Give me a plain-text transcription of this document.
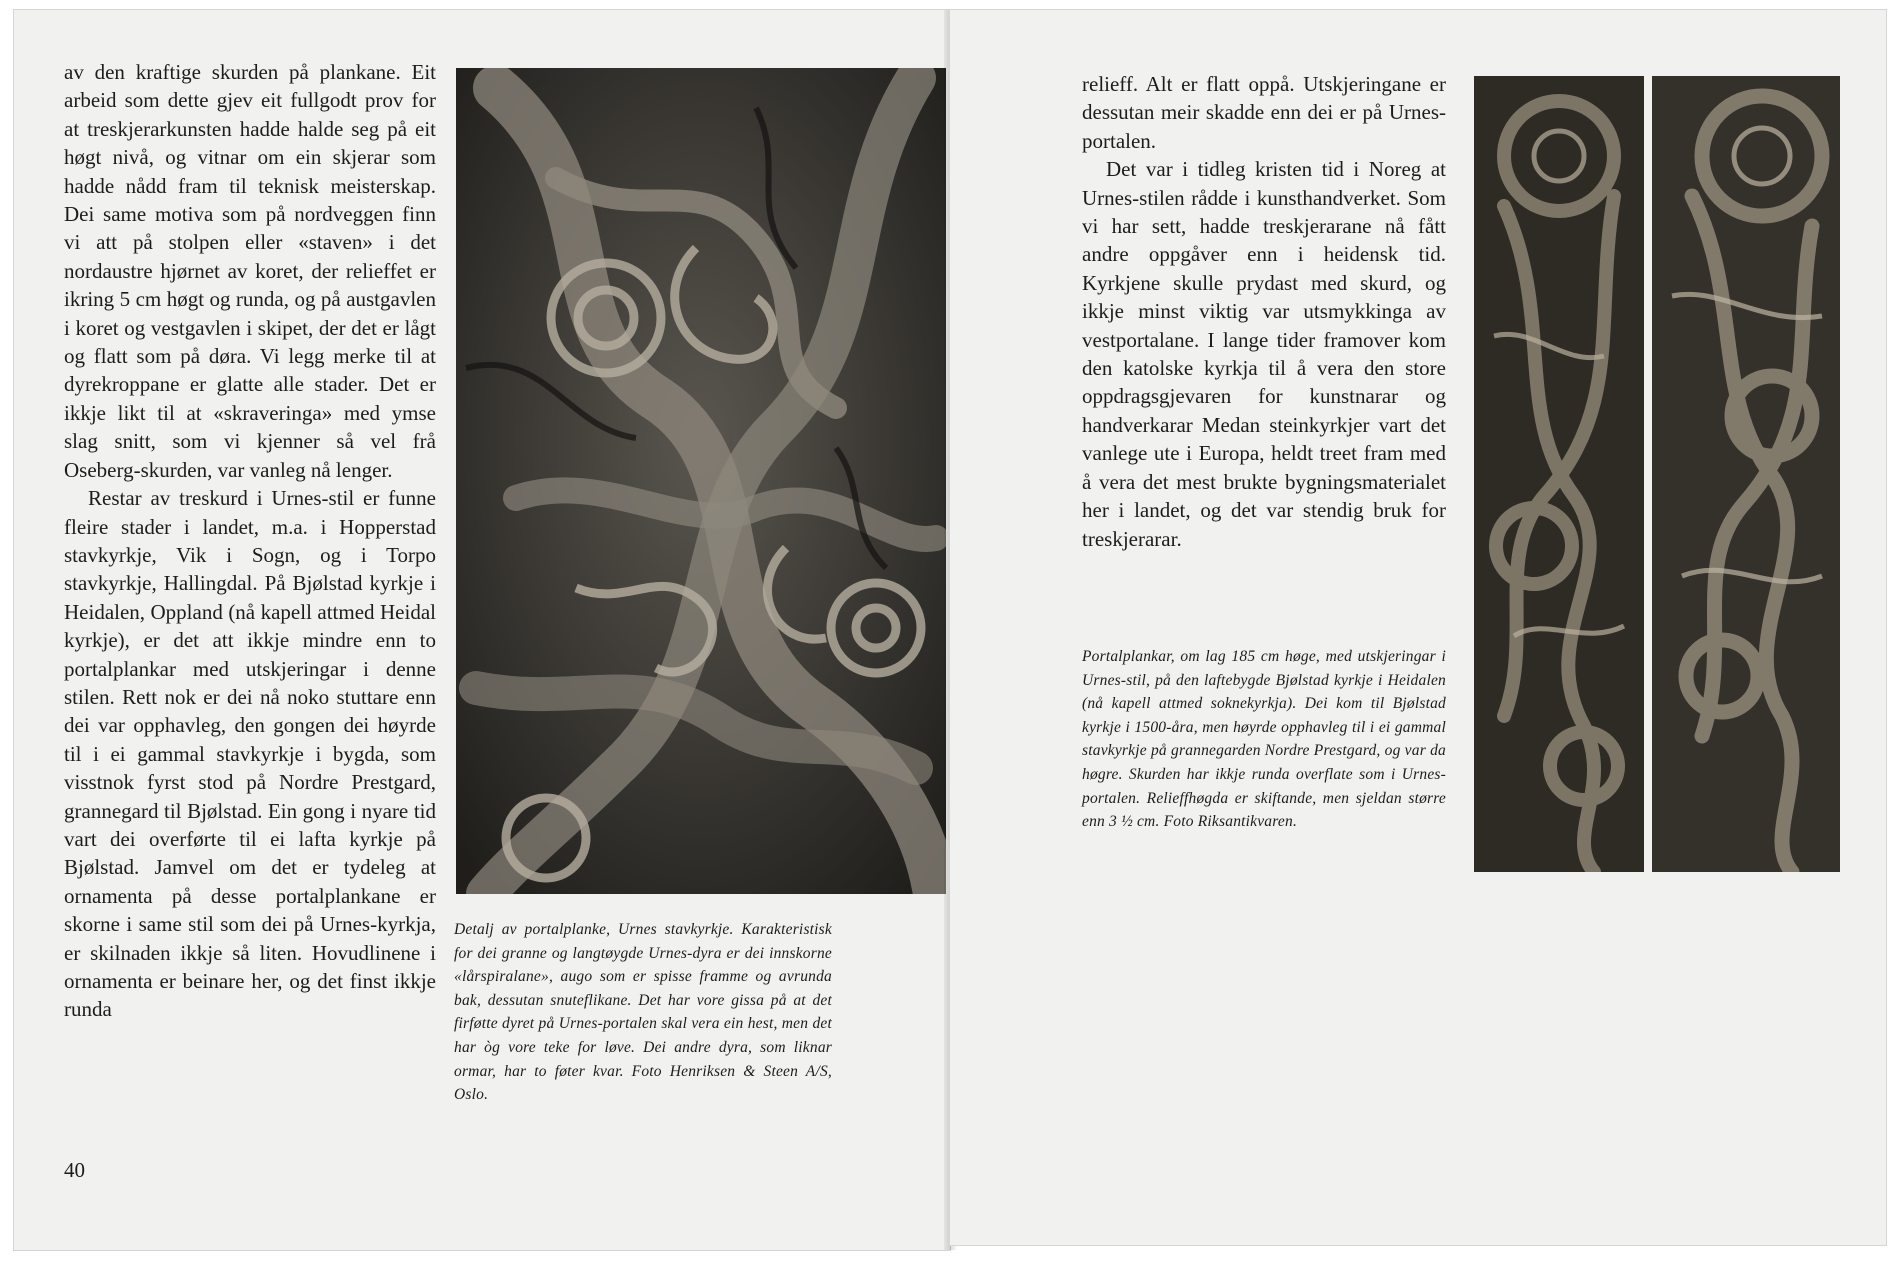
av den kraftige skurden på plankane. Eit arbeid som dette gjev eit fullgodt prov for at treskjerarkunsten hadde halde seg på eit høgt nivå, og vitnar om ein skjerar som hadde nådd fram til teknisk meisterskap. Dei same motiva som på nordveggen finn vi att på stolpen eller «staven» i det nordaustre hjørnet av koret, der relieffet er ikring 5 cm høgt og runda, og på austgavlen i koret og vestgavlen i skipet, der det er lågt og flatt som på døra. Vi legg merke til at dyrekroppane er glatte alle stader. Det er ikkje likt til at «skraveringa» med ymse slag snitt, som vi kjenner så vel frå Oseberg-skurden, var vanleg nå lenger.

Restar av treskurd i Urnes-stil er funne fleire stader i landet, m.a. i Hopperstad stavkyrkje, Vik i Sogn, og i Torpo stavkyrkje, Hallingdal. På Bjølstad kyrkje i Heidalen, Oppland (nå kapell attmed Heidal kyrkje), er det att ikkje mindre enn to portalplankar med utskjeringar i denne stilen. Rett nok er dei nå noko stuttare enn dei var opphavleg, den gongen dei høyrde til i ei gammal stavkyrkje i bygda, som visstnok fyrst stod på Nordre Prestgard, grannegard til Bjølstad. Ein gong i nyare tid vart dei overførte til ei lafta kyrkje på Bjølstad. Jamvel om det er tydeleg at ornamenta på desse portalplankane er skorne i same stil som dei på Urnes-kyrkja, er skilnaden ikkje så liten. Hovudlinene i ornamenta er beinare her, og det finst ikkje runda

Detalj av portalplanke, Urnes stavkyrkje. Karakteristisk for dei granne og langtøygde Urnes-dyra er dei innskorne «lårspiralane», augo som er spisse framme og avrunda bak, dessutan snuteflikane. Det har vore gissa på at det firføtte dyret på Urnes-portalen skal vera ein hest, men det har òg vore teke for løve. Dei andre dyra, som liknar ormar, har to føter kvar. Foto Henriksen & Steen A/S, Oslo.
40

relieff. Alt er flatt oppå. Utskjeringane er dessutan meir skadde enn dei er på Urnes-portalen.

Det var i tidleg kristen tid i Noreg at Urnes-stilen rådde i kunsthandverket. Som vi har sett, hadde treskjerarane nå fått andre oppgåver enn i heidensk tid. Kyrkjene skulle prydast med skurd, og ikkje minst viktig var utsmykkinga av vestportalane. I lange tider framover kom den katolske kyrkja til å vera den store oppdragsgjevaren for kunstnarar og handverkarar Medan steinkyrkjer vart det vanlege ute i Europa, heldt treet fram med å vera det mest brukte bygningsmaterialet her i landet, og det var stendig bruk for treskjerarar.

Portalplankar, om lag 185 cm høge, med utskjeringar i Urnes-stil, på den laftebygde Bjølstad kyrkje i Heidalen (nå kapell attmed soknekyrkja). Dei kom til Bjølstad kyrkje i 1500-åra, men høyrde opphavleg til i ei gammal stavkyrkje på grannegarden Nordre Prestgard, og var da høgre. Skurden har ikkje runda overflate som i Urnes-portalen. Relieffhøgda er skiftande, men sjeldan større enn 3 ½ cm. Foto Riksantikvaren.
